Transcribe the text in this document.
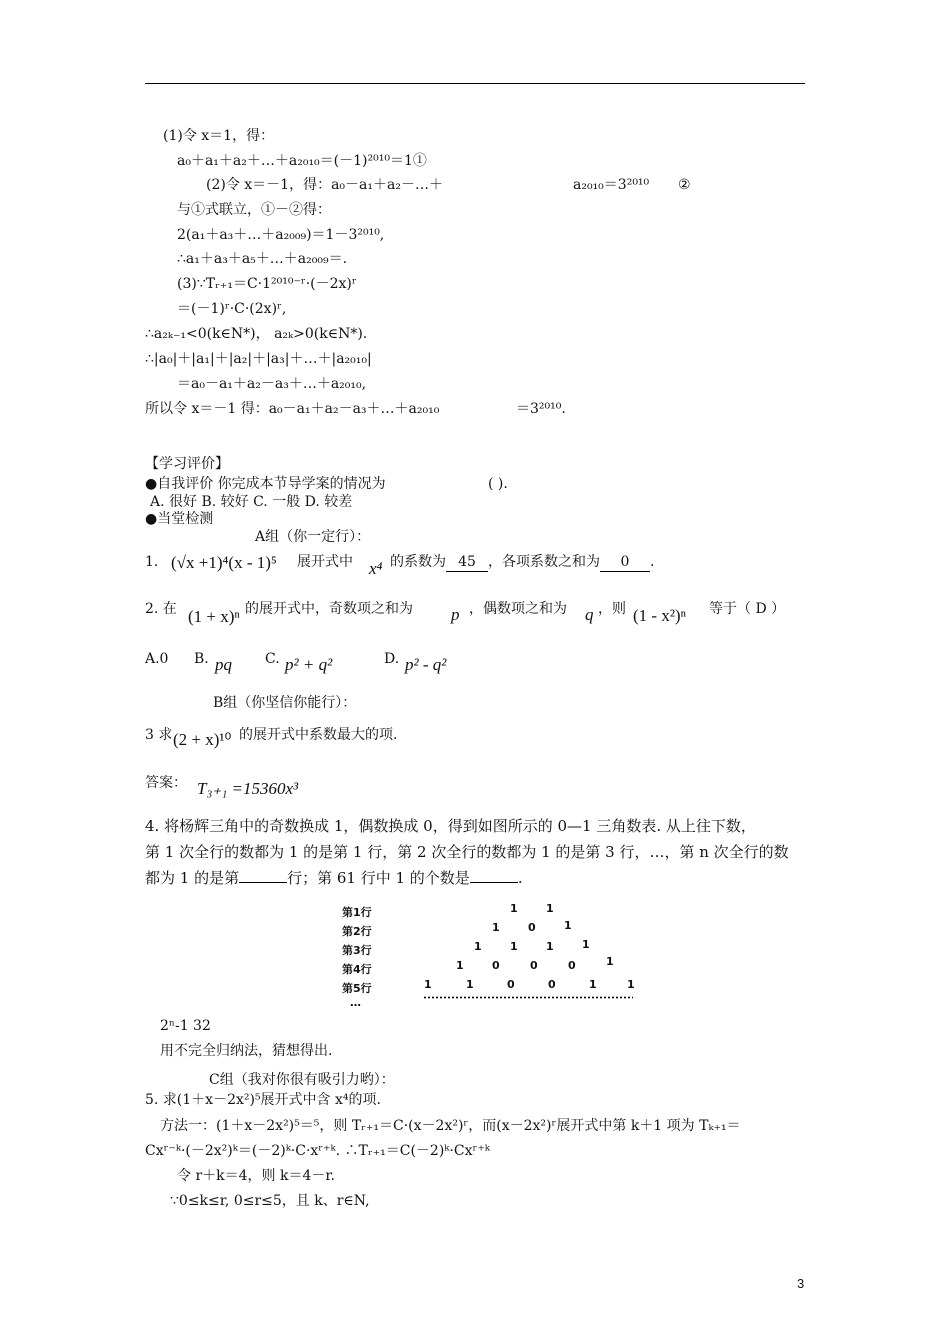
(1)令 x＝1，得：
a₀＋a₁＋a₂＋…＋a₂₀₁₀＝(－1)²⁰¹⁰＝1①
(2)令 x＝－1，得：a₀－a₁＋a₂－…＋	a₂₀₁₀＝3²⁰¹⁰ ②
与①式联立，①－②得：
2(a₁＋a₃＋…＋a₂₀₀₉)＝1－3²⁰¹⁰,
∴a₁＋a₃＋a₅＋…＋a₂₀₀₉＝.
(3)∵Tᵣ₊₁＝C·1²⁰¹⁰⁻ʳ·(－2x)ʳ
＝(－1)ʳ·C·(2x)ʳ,
∴a₂ₖ₋₁<0(k∈N*)， a₂ₖ>0(k∈N*).
∴|a₀|＋|a₁|＋|a₂|＋|a₃|＋…＋|a₂₀₁₀|
＝a₀－a₁＋a₂－a₃＋…＋a₂₀₁₀,
所以令 x＝－1 得：a₀－a₁＋a₂－a₃＋…＋a₂₀₁₀	＝3²⁰¹⁰.
【学习评价】
●自我评价 你完成本节导学案的情况为	( ).
A. 很好 B. 较好 C. 一般 D. 较差
●当堂检测
A组（你一定行）：
1. (√x +1)⁴(x - 1)⁵ 展开式中 x⁴ 的系数为 45 ，各项系数之和为 0 .
2. 在 (1 + x)ⁿ 的展开式中，奇数项之和为 p ，偶数项之和为 q ，则 (1 - x²)ⁿ 等于（ D ）
A.0 B. pq C. p² + q²	D. p² - q²
B组（你坚信你能行）：
3 求 (2 + x)¹⁰ 的展开式中系数最大的项.
答案： T₃₊₁ =15360x³
4. 将杨辉三角中的奇数换成 1，偶数换成 0，得到如图所示的 0—1 三角数表. 从上往下数，
第 1 次全行的数都为 1 的是第 1 行，第 2 次全行的数都为 1 的是第 3 行，…，第 n 次全行的数
都为 1 的是第	行；第 61 行中 1 的个数是	.
第1行
第2行
第3行
第4行
第5行
…
1	1
1	0	1
1	1	1	1
1	0	0	0	1
1	1	0	0	1	1
2ⁿ-1 32
用不完全归纳法，猜想得出.
C组（我对你很有吸引力哟）：
5. 求(1＋x－2x²)⁵展开式中含 x⁴的项.
方法一：(1＋x－2x²)⁵＝⁵，则 Tᵣ₊₁＝C·(x－2x²)ʳ，而(x－2x²)ʳ展开式中第 k＋1 项为 Tₖ₊₁＝
Cxʳ⁻ᵏ·(－2x²)ᵏ＝(－2)ᵏ·C·xʳ⁺ᵏ. ∴Tᵣ₊₁＝C(－2)ᵏ·Cxʳ⁺ᵏ
令 r＋k＝4，则 k＝4－r.
∵0≤k≤r, 0≤r≤5，且 k、r∈N,
3
